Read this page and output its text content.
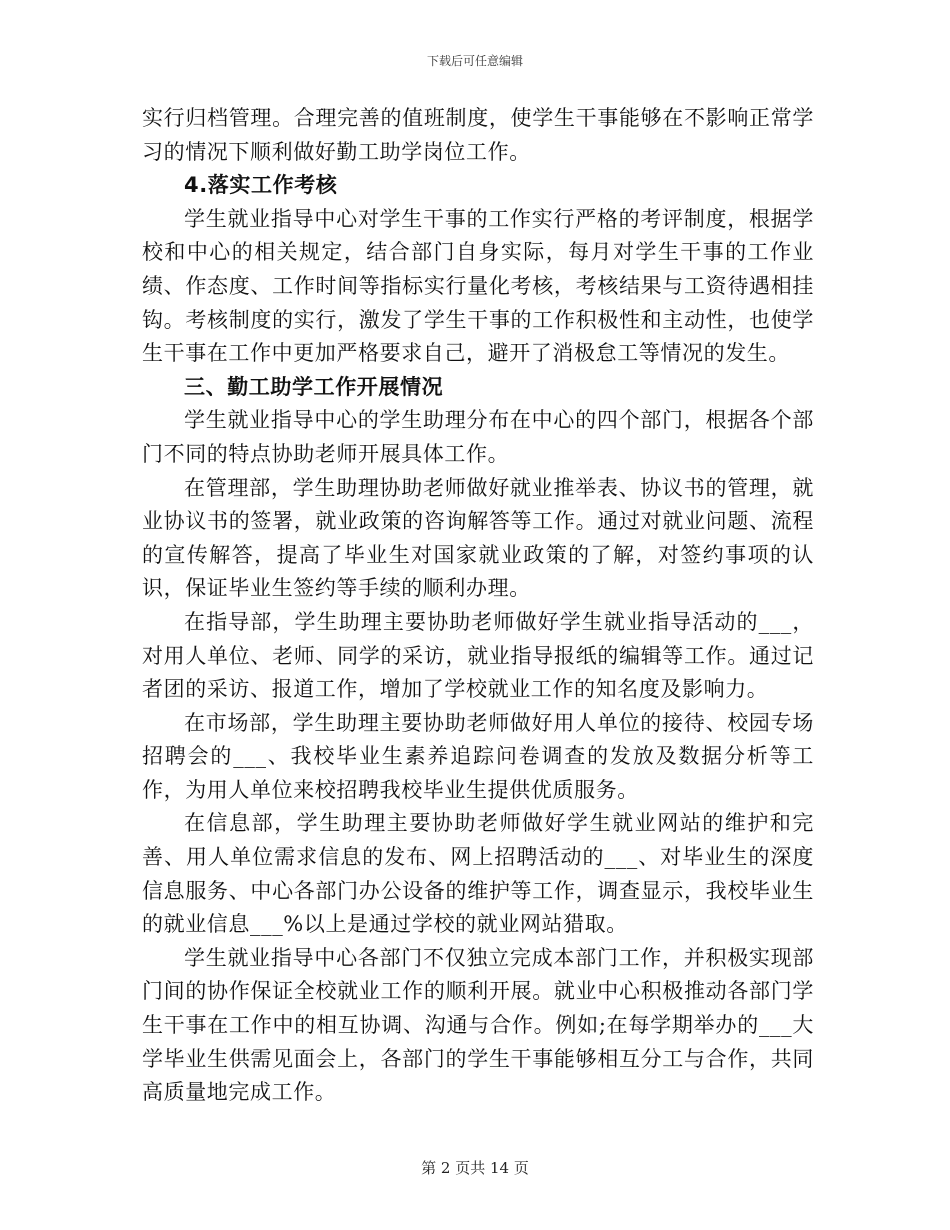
下载后可任意编辑

实行归档管理。合理完善的值班制度，使学生干事能够在不影响正常学习的情况下顺利做好勤工助学岗位工作。

4.落实工作考核

学生就业指导中心对学生干事的工作实行严格的考评制度，根据学校和中心的相关规定，结合部门自身实际，每月对学生干事的工作业绩、作态度、工作时间等指标实行量化考核，考核结果与工资待遇相挂钩。考核制度的实行，激发了学生干事的工作积极性和主动性，也使学生干事在工作中更加严格要求自己，避开了消极怠工等情况的发生。

三、勤工助学工作开展情况

学生就业指导中心的学生助理分布在中心的四个部门，根据各个部门不同的特点协助老师开展具体工作。

在管理部，学生助理协助老师做好就业推举表、协议书的管理，就业协议书的签署，就业政策的咨询解答等工作。通过对就业问题、流程的宣传解答，提高了毕业生对国家就业政策的了解，对签约事项的认识，保证毕业生签约等手续的顺利办理。

在指导部，学生助理主要协助老师做好学生就业指导活动的___，对用人单位、老师、同学的采访，就业指导报纸的编辑等工作。通过记者团的采访、报道工作，增加了学校就业工作的知名度及影响力。

在市场部，学生助理主要协助老师做好用人单位的接待、校园专场招聘会的___、我校毕业生素养追踪问卷调查的发放及数据分析等工作，为用人单位来校招聘我校毕业生提供优质服务。

在信息部，学生助理主要协助老师做好学生就业网站的维护和完善、用人单位需求信息的发布、网上招聘活动的___、对毕业生的深度信息服务、中心各部门办公设备的维护等工作，调查显示，我校毕业生的就业信息___%以上是通过学校的就业网站猎取。

学生就业指导中心各部门不仅独立完成本部门工作，并积极实现部门间的协作保证全校就业工作的顺利开展。就业中心积极推动各部门学生干事在工作中的相互协调、沟通与合作。例如;在每学期举办的___大学毕业生供需见面会上，各部门的学生干事能够相互分工与合作，共同高质量地完成工作。

第 2 页共 14 页
